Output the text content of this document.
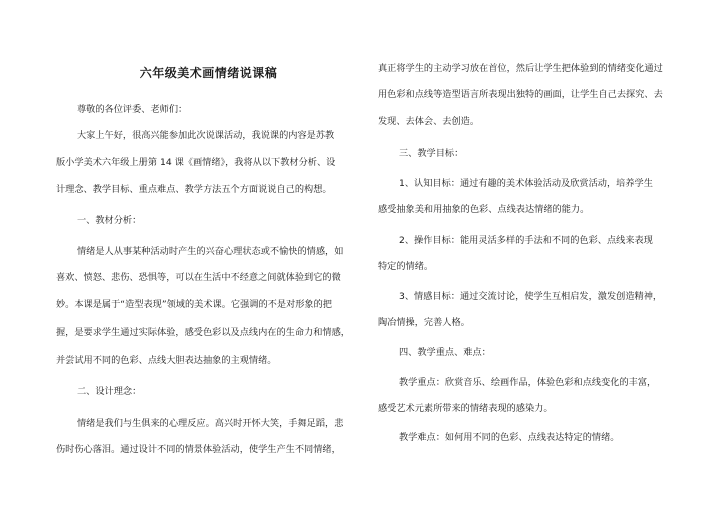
六年级美术画情绪说课稿
尊敬的各位评委、老师们：
大家上午好，很高兴能参加此次说课活动，我说课的内容是苏教
版小学美术六年级上册第 14 课《画情绪》，我将从以下教材分析、设
计理念、教学目标、重点难点、教学方法五个方面说说自己的构想。
一、教材分析：
情绪是人从事某种活动时产生的兴奋心理状态或不愉快的情感，如
喜欢、愤怒、悲伤、恐惧等，可以在生活中不经意之间就体验到它的微
妙。本课是属于“造型表现”领域的美术课。它强调的不是对形象的把
握，是要求学生通过实际体验，感受色彩以及点线内在的生命力和情感，
并尝试用不同的色彩、点线大胆表达抽象的主观情绪。
二、设计理念：
情绪是我们与生俱来的心理反应。高兴时开怀大笑，手舞足蹈，悲
伤时伤心落泪。通过设计不同的情景体验活动，使学生产生不同情绪，
真正将学生的主动学习放在首位，然后让学生把体验到的情绪变化通过
用色彩和点线等造型语言所表现出独特的画面，让学生自己去探究、去
发现、去体会、去创造。
三、教学目标：
1、认知目标：通过有趣的美术体验活动及欣赏活动，培养学生
感受抽象美和用抽象的色彩、点线表达情绪的能力。
2、操作目标：能用灵活多样的手法和不同的色彩、点线来表现
特定的情绪。
3、情感目标：通过交流讨论，使学生互相启发，激发创造精神，
陶冶情操，完善人格。
四、教学重点、难点：
教学重点：欣赏音乐、绘画作品，体验色彩和点线变化的丰富，
感受艺术元素所带来的情绪表现的感染力。
教学难点：如何用不同的色彩、点线表达特定的情绪。
